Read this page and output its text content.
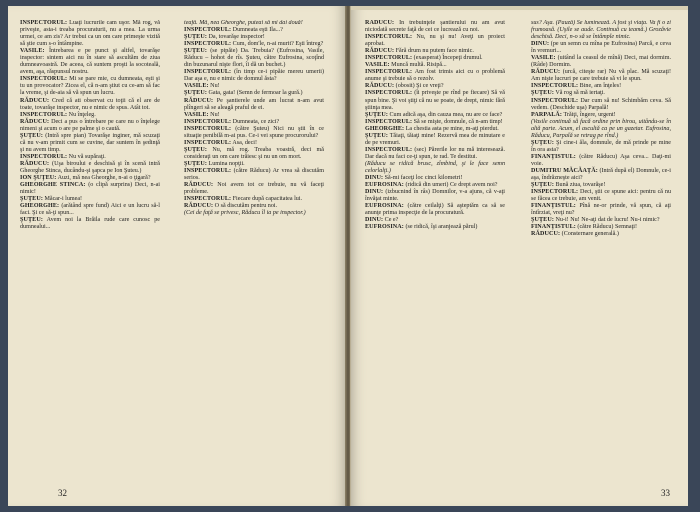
INSPECTORUL: Luaţi lucrurile cam uşor. Mă rog, vă priveşte, asta-i treaba procuraturii, nu a mea. La urma urmei, ce am zis? Ar trebui ca un om care primeşte vizită să ştie cum s-o întâmpine.

VASILE: Întrebarea e pe punct şi altfel, tovarăşe inspector: sintem aici nu în stare să ascultăm de ziua dumneavoastră. De aceea, că suntem proşti la socoteală, avem, aşa, răspunsul nostru.

INSPECTORUL: Mi se pare mie, cu dumneata, eşti şi tu un provocator? Zicea el, că n-am ştiut cu ce-am să fac la vreme, şi de-aia să vă spun un lucru.

RĂDUCU: Cred că ati observat cu toţii că el are de toate, tovarăşe inspector, nu e nimic de spus. Atât tot.

INSPECTORUL: Nu înţeleg.

RĂDUCU: Deci a pus o întrebare pe care nu o înţelege nimeni şi acum o are pe palme şi o caută.

ŞUŢEU: (Intră spre pian) Tovarăşe inginer, mă scuzaţi că nu v-am primit cum se cuvine, dar suntem în şedinţă şi nu avem timp.

INSPECTORUL: Nu vă supăraţi.

RĂDUCU: (Uşa biroului e deschisă şi în scenă intră Gheorghe Stinca, ducându-şi şapca pe Ion Şuteu.)

ION ŞUŢEU: Auzi, mă nea Gheorghe, n-ai o ţigară?

GHEORGHE STINCA: (o clipă surprins) Deci, n-ai nimic!

ŞUŢEU: Măcar-i lumea!

GHEORGHE: (arătând spre fund) Aici e un lucru să-l faci. Şi ce să-ţi spun...

ŞUŢEU: Avem noi la Brăila rude care cunosc pe dumnealui...

teafă. Mă, nea Gheorghe, puteai să mi dai două!

INSPECTORUL: Dumneata eşti Ila...?

ŞUŢEU: Da, tovarăşe inspector!

INSPECTORUL: Cum, dom'le, n-ai murit? Eşti întreg?

ŞUŢEU: (se pipăie) Da. Trebuia? (Eufrosina, Vasile, Răducu – hohot de rîs. Şuteu, către Eufrosina, scoţînd din buzunarul nişte flori, îi dă un buchet.)

INSPECTORUL: (în timp ce-i pipăie mereu umerii) Dar aşa e, nu e nimic de domnul ăsta?

VASILE: Nu!

ŞUŢEU: Gata, gata! (Semn de fermoar la gură.)

RĂDUCU: Pe şantierele unde am lucrat n-am avut plîngeri să se aleagă praful de ei.

VASILE: Nu!

INSPECTORUL: Dumneata, ce zici?

INSPECTORUL: (către Şuteu) Nici nu ştii în ce situaţie penibilă m-ai pus. Ce-i vei spune procurorului?

INSPECTORUL: Asa, deci!

ŞUŢEU: Nu, mă rog. Treaba voastră, deci mă consideraţi un om care trăiesc şi nu un om mort.

ŞUŢEU: Lumina nopţii.

INSPECTORUL: (către Răducu) Ar vrea să discutăm serios.

RĂDUCU: Noi avem tot ce trebuie, nu vă faceţi probleme.

INSPECTORUL: Fiecare după capacitatea lui.

RĂDUCU: O să discutăm pentru noi.

(Cei de faţă se privesc, Răducu îl ia pe inspector.)

32

RĂDUCU: În trebuinţele şantierului nu am avut niciodată secrete faţă de cei ce lucrează cu noi.

INSPECTORUL: Nu, nu şi nu! Aveţi un proiect aprobat.

RĂDUCU: Fără drum nu putem face nimic.

INSPECTORUL: (exasperat) Începeţi drumul.

VASILE: Muncă multă. Risipă...

INSPECTORUL: Am fost trimis aici cu o problemă anume şi trebuie să o rezolv.

RĂDUCU: (obosit) Şi ce vreţi?

INSPECTORUL: (îi priveşte pe rînd pe fiecare) Să vă spun bine. Şi voi ştiţi că nu se poate, de drept, nimic fără ştiinţa mea.

ŞUŢEU: Cum adică aşa, din cauza mea, nu are ce face?

INSPECTORUL: Să se mişte, domnule, că n-am timp!

GHEORGHE: La chestia asta pe mine, m-aţi pierdut.

ŞUŢEU: Tăiaţi, tăiaţi mine! Rezervă mea de minutare e de pe vremuri.

INSPECTORUL: (sec) Părerile lor nu mă interesează. Dar dacă nu faci ce-ţi spun, te rad. Te destitui.

(Răducu se ridică brusc, zîmbind, şi le face semn celorlalţi.)

DINU: Să-mi faceţi loc cinci kilometri!

EUFROSINA: (ridică din umeri) Ce drept avem noi?

DINU: (izbucnind în râs) Domnilor, v-a ajuns, că v-aţi învăţat minte.

EUFROSINA: (către ceilalţi) Să aşteptăm ca să se anunţe prima inspecţie de la procuratură.

DINU: Ce e?

EUFROSINA: (se ridică, îşi aranjează părul)

sus? Aşa. (Pauză) Se luminează. A fost şi viaţa. Va fi o zi frumoasă. (Uşile se aude. Continuă cu teamă.) Grozăvie deschisă. Deci, n-o să se întâmple nimic.

DINU: (pe un semn cu mîna pe Eufrosina) Parcă, e ceva în vremuri...

VASILE: (uitând la ceasul de mînă) Deci, mai dormim. (Râde) Dormim.

RĂDUCU: (urcă, citeşte rar) Nu vă plac. Mă scuzaţi! Am nişte lucruri pe care trebuie să vi le spun.

INSPECTORUL: Bine, am înţeles!

ŞUŢEU: Vă rog să mă iertaţi.

INSPECTORUL: Dar cum să nu! Schimbăm ceva. Să vedem. (Deschide uşa) Parpală!

PARPALĂ: Trăiţi, îngere, urgent!

(Vasile continuă să facă ordine prin birou, uitându-se în altă parte. Acum, el ascultă ca pe un gazetar. Eufrosina, Răducu, Parpală se retrag pe rînd.)

ŞUŢEU: Şi cine-i ăla, domnule, de mă prinde pe mine în ora asta?

FINANŢISTUL: (către Răducu) Aşa ceva... Daţi-mi voie.

DUMITRU MĂCĂAŢĂ: (Intră după el) Domnule, ce-i aşa, îndrăzneşte aici?

ŞUŢEU: Bună ziua, tovarăşe!

INSPECTORUL: Deci, ştii ce spune aici: pentru că nu se făcea ce trebuie, am venit.

FINANŢISTUL: Pînă ne-or prinde, vă spun, că aţi întîrziat, vreţi nu?

ŞUŢEU: Nu-i! Nu! Ne-aţi dat de lucru! Nu-i nimic?

FINANŢISTUL: (către Răducu) Semnaţi!

RĂDUCU: (Consternare generală.)

33
